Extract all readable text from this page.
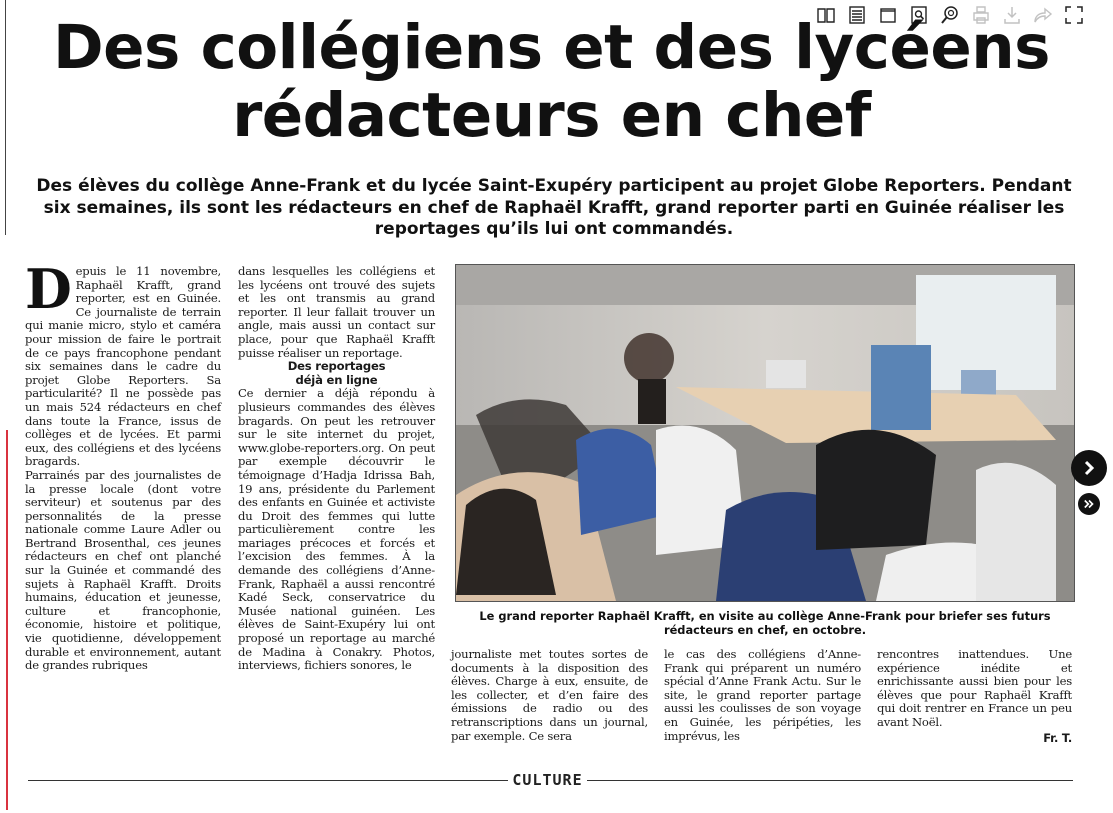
Des collégiens et des lycéens rédacteurs en chef

Des élèves du collège Anne-Frank et du lycée Saint-Exupéry participent au projet Globe Reporters. Pendant six semaines, ils sont les rédacteurs en chef de Raphaël Krafft, grand reporter parti en Guinée réaliser les reportages qu’ils lui ont commandés.

Depuis le 11 novembre, Raphaël Krafft, grand reporter, est en Guinée. Ce journaliste de terrain qui manie micro, stylo et caméra pour mission de faire le portrait de ce pays francophone pendant six semaines dans le cadre du projet Globe Reporters. Sa particularité? Il ne possède pas un mais 524 rédacteurs en chef dans toute la France, issus de collèges et de lycées. Et parmi eux, des collégiens et des lycéens bragards.

Parrainés par des journalistes de la presse locale (dont votre serviteur) et soutenus par des personnalités de la presse nationale comme Laure Adler ou Bertrand Brosenthal, ces jeunes rédacteurs en chef ont planché sur la Guinée et commandé des sujets à Raphaël Krafft. Droits humains, éducation et jeunesse, culture et francophonie, économie, histoire et politique, vie quotidienne, développement durable et environnement, autant de grandes rubriques

dans lesquelles les collégiens et les lycéens ont trouvé des sujets et les ont transmis au grand reporter. Il leur fallait trouver un angle, mais aussi un contact sur place, pour que Raphaël Krafft puisse réaliser un reportage.

Des reportages déjà en ligne

Ce dernier a déjà répondu à plusieurs commandes des élèves bragards. On peut les retrouver sur le site internet du projet, www.globe-reporters.org. On peut par exemple découvrir le témoignage d’Hadja Idrissa Bah, 19 ans, présidente du Parlement des enfants en Guinée et activiste du Droit des femmes qui lutte particulièrement contre les mariages précoces et forcés et l’excision des femmes. À la demande des collégiens d’Anne-Frank, Raphaël a aussi rencontré Kadé Seck, conservatrice du Musée national guinéen. Les élèves de Saint-Exupéry lui ont proposé un reportage au marché de Madina à Conakry. Photos, interviews, fichiers sonores, le

Le grand reporter Raphaël Krafft, en visite au collège Anne-Frank pour briefer ses futurs rédacteurs en chef, en octobre.

journaliste met toutes sortes de documents à la disposition des élèves. Charge à eux, ensuite, de les collecter, et d’en faire des émissions de radio ou des retranscriptions dans un journal, par exemple. Ce sera

le cas des collégiens d’Anne-Frank qui préparent un numéro spécial d’Anne Frank Actu. Sur le site, le grand reporter partage aussi les coulisses de son voyage en Guinée, les péripéties, les imprévus, les

rencontres inattendues. Une expérience inédite et enrichissante aussi bien pour les élèves que pour Raphaël Krafft qui doit rentrer en France un peu avant Noël.

Fr. T.
CULTURE
